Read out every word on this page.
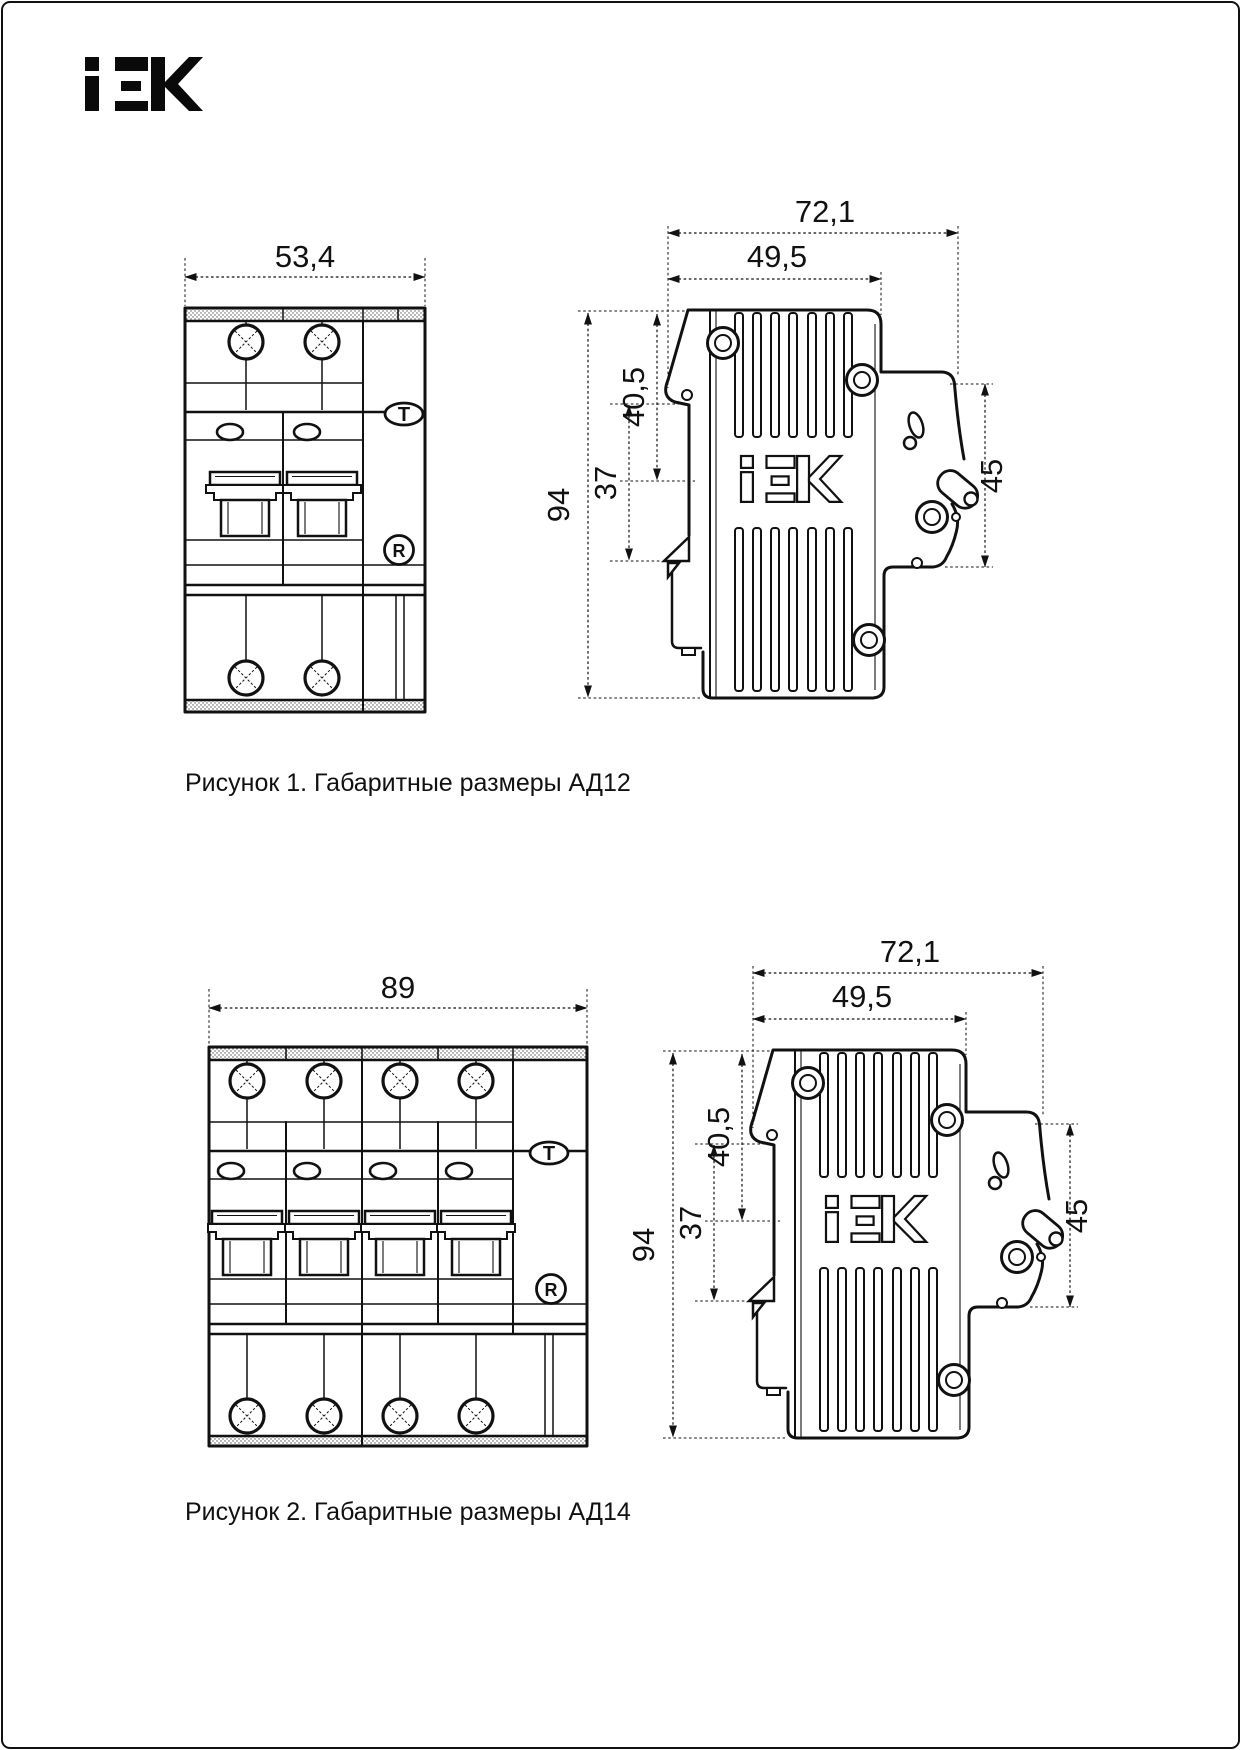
T
R
53,4
72,1
49,5
94
40,5
37	45
Рисунок 1. Габаритные размеры АД12
T
R
89
72,1
49,5
94
40,5
37	45
Рисунок 2. Габаритные размеры АД14
